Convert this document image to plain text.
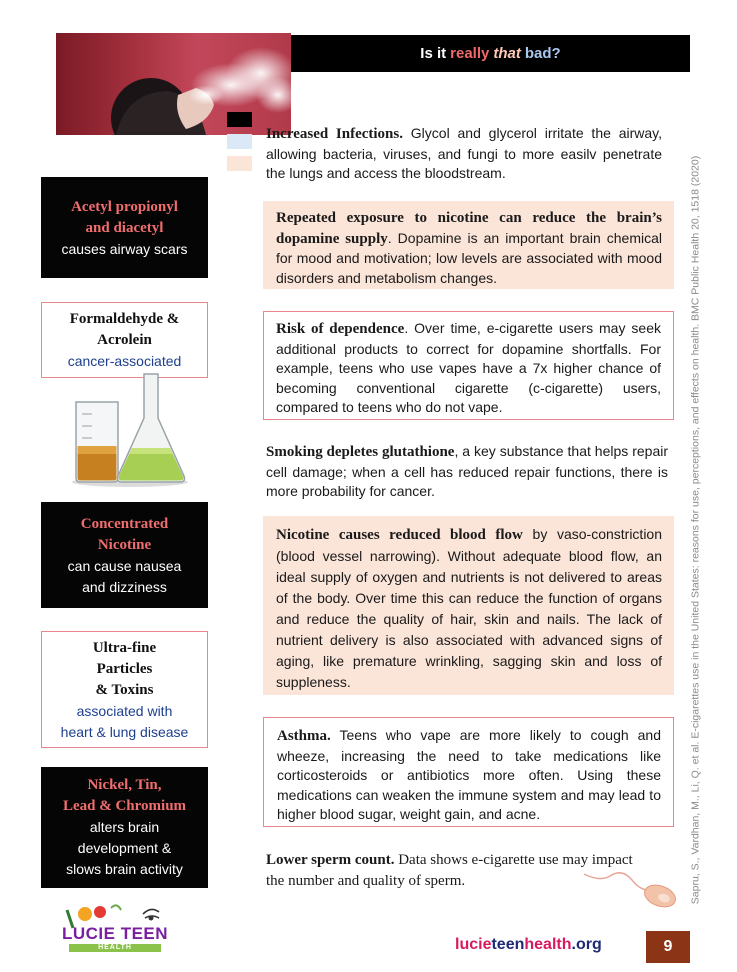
Is it really that bad?
Acetyl propionyl
and diacetyl
causes airway scars
Formaldehyde &
Acrolein
cancer-associated
Concentrated
Nicotine
can cause nausea
and dizziness
Ultra-fine
Particles
& Toxins
associated with
heart & lung disease
Nickel, Tin,
Lead & Chromium
alters brain
development &
slows brain activity
Increased Infections. Glycol and glycerol irritate the airway, allowing bacteria, viruses, and fungi to more easilv penetrate the lungs and access the bloodstream.
Repeated exposure to nicotine can reduce the brain’s dopamine supply. Dopamine is an important brain chemical for mood and motivation; low levels are associated with mood disorders and metabolism changes.
Risk of dependence. Over time, e-cigarette users may seek additional products to correct for dopamine shortfalls. For example, teens who use vapes have a 7x higher chance of becoming conventional cigarette (c-cigarette) users, compared to teens who do not vape.
Smoking depletes glutathione, a key substance that helps repair cell damage; when a cell has reduced repair functions, there is more probability for cancer.
Nicotine causes reduced blood flow by vaso-constriction (blood vessel narrowing). Without adequate blood flow, an ideal supply of oxygen and nutrients is not delivered to areas of the body. Over time this can reduce the function of organs and reduce the quality of hair, skin and nails. The lack of nutrient delivery is also associated with advanced signs of aging, like premature wrinkling, sagging skin and loss of suppleness.
Asthma. Teens who vape are more likely to cough and wheeze, increasing the need to take medications like corticosteroids or antibiotics more often. Using these medications can weaken the immune system and may lead to higher blood sugar, weight gain, and acne.
Lower sperm count. Data shows e-cigarette use may impact the number and quality of sperm.	Sapru, S., Vardhan, M., Li, Q. et al. E-cigarettes use in the United States: reasons for use, perceptions, and effects on health. BMC Public Health 20, 1518 (2020)
LUCIE TEEN
HEALTH	lucieteenhealth.org	9
